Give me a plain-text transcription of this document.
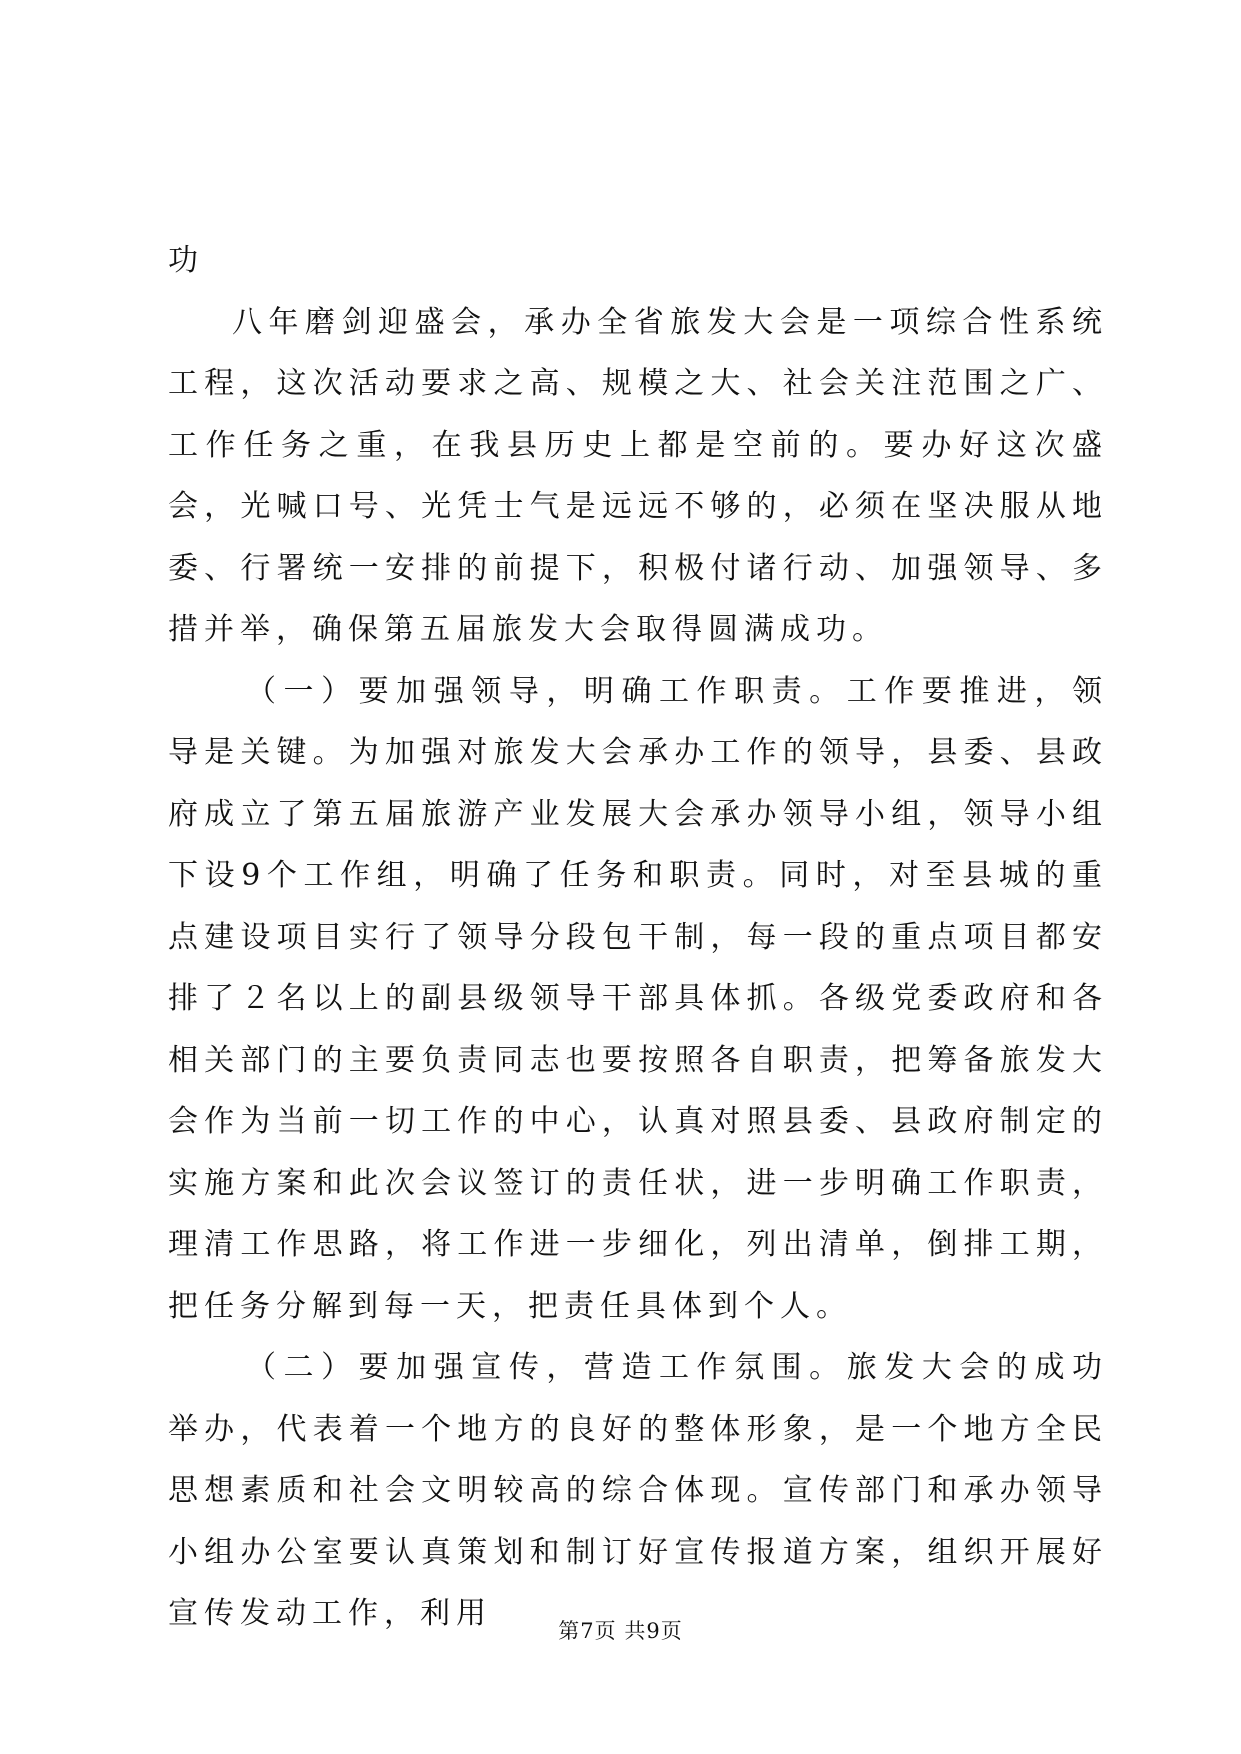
功

八年磨剑迎盛会，承办全省旅发大会是一项综合性系统工程，这次活动要求之高、规模之大、社会关注范围之广、工作任务之重，在我县历史上都是空前的。要办好这次盛会，光喊口号、光凭士气是远远不够的，必须在坚决服从地委、行署统一安排的前提下，积极付诸行动、加强领导、多措并举，确保第五届旅发大会取得圆满成功。

（一）要加强领导，明确工作职责。工作要推进，领导是关键。为加强对旅发大会承办工作的领导，县委、县政府成立了第五届旅游产业发展大会承办领导小组，领导小组下设9个工作组，明确了任务和职责。同时，对至县城的重点建设项目实行了领导分段包干制，每一段的重点项目都安排了２名以上的副县级领导干部具体抓。各级党委政府和各相关部门的主要负责同志也要按照各自职责，把筹备旅发大会作为当前一切工作的中心，认真对照县委、县政府制定的实施方案和此次会议签订的责任状，进一步明确工作职责，理清工作思路，将工作进一步细化，列出清单，倒排工期，把任务分解到每一天，把责任具体到个人。

（二）要加强宣传，营造工作氛围。旅发大会的成功举办，代表着一个地方的良好的整体形象，是一个地方全民思想素质和社会文明较高的综合体现。宣传部门和承办领导小组办公室要认真策划和制订好宣传报道方案，组织开展好宣传发动工作，利用	第7页 共9页
